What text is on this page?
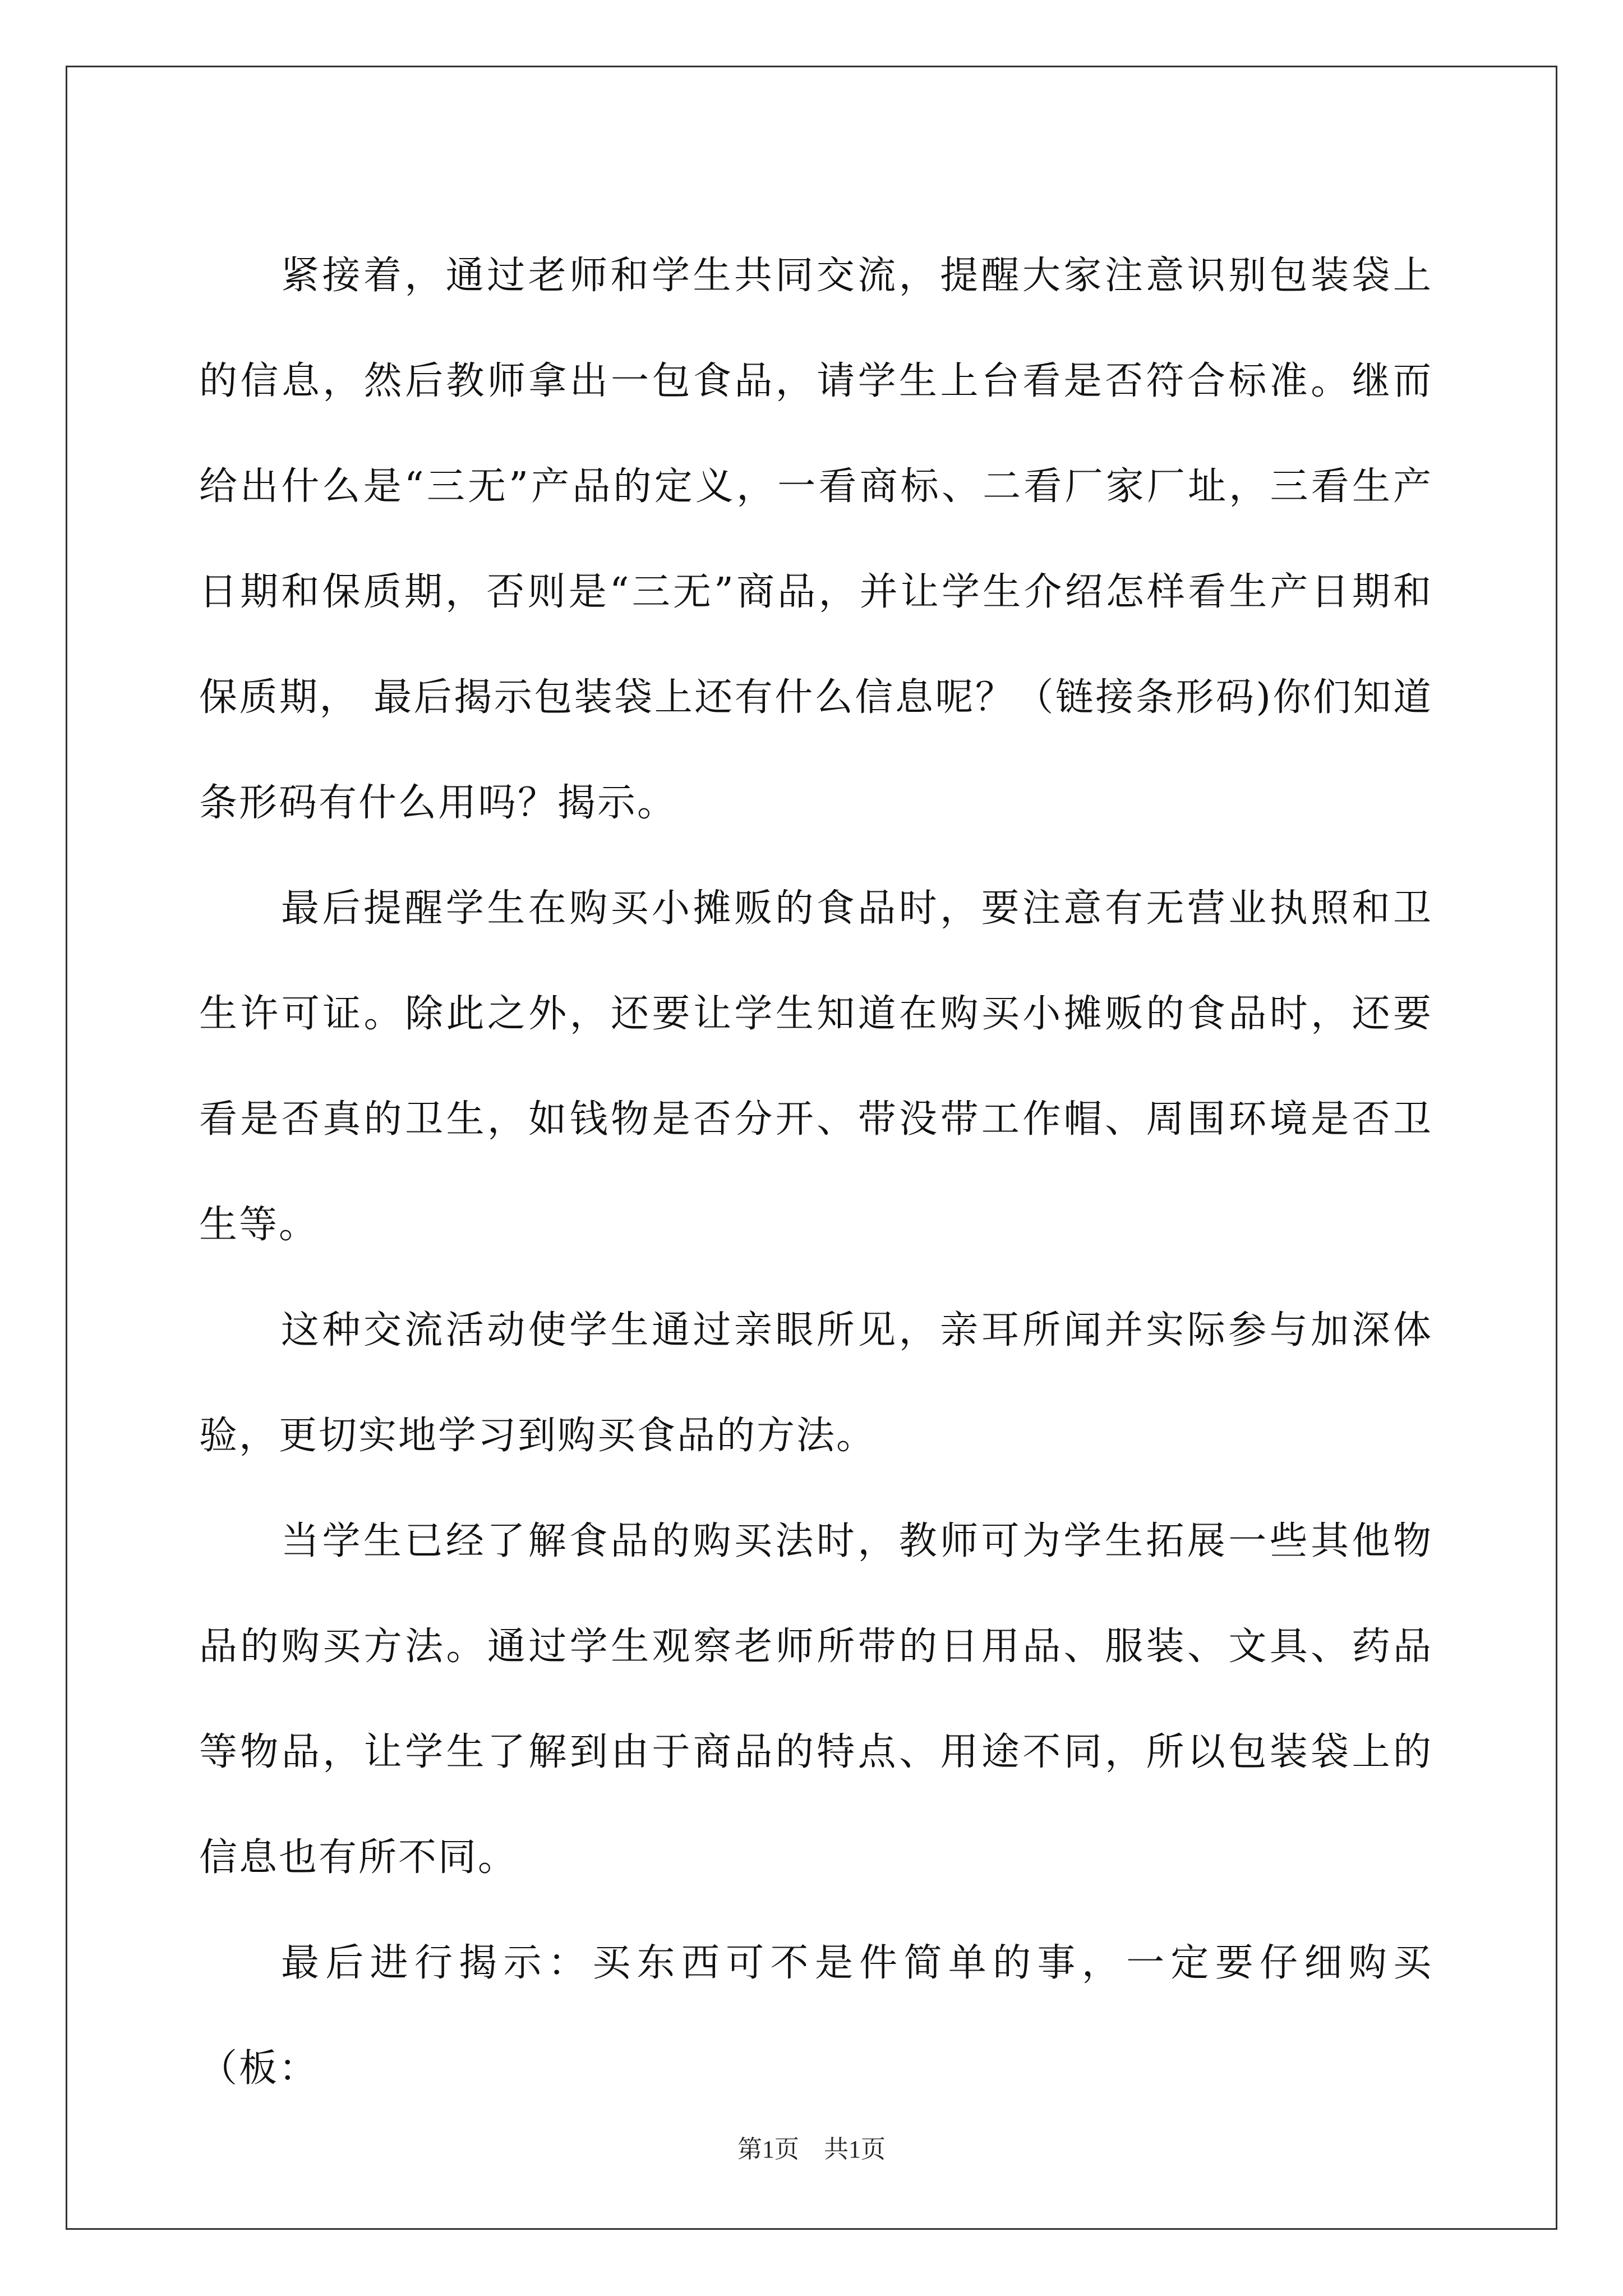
紧接着，通过老师和学生共同交流，提醒大家注意识别包装袋上的信息，然后教师拿出一包食品，请学生上台看是否符合标准。继而给出什么是“三无”产品的定义，一看商标、二看厂家厂址，三看生产日期和保质期，否则是“三无”商品，并让学生介绍怎样看生产日期和保质期， 最后揭示包装袋上还有什么信息呢？（链接条形码)你们知道条形码有什么用吗？揭示。

最后提醒学生在购买小摊贩的食品时，要注意有无营业执照和卫生许可证。除此之外，还要让学生知道在购买小摊贩的食品时，还要看是否真的卫生，如钱物是否分开、带没带工作帽、周围环境是否卫生等。

这种交流活动使学生通过亲眼所见，亲耳所闻并实际参与加深体验，更切实地学习到购买食品的方法。

当学生已经了解食品的购买法时，教师可为学生拓展一些其他物品的购买方法。通过学生观察老师所带的日用品、服装、文具、药品等物品，让学生了解到由于商品的特点、用途不同，所以包装袋上的信息也有所不同。

最后进行揭示：买东西可不是件简单的事，一定要仔细购买（板：

第1页　共1页
